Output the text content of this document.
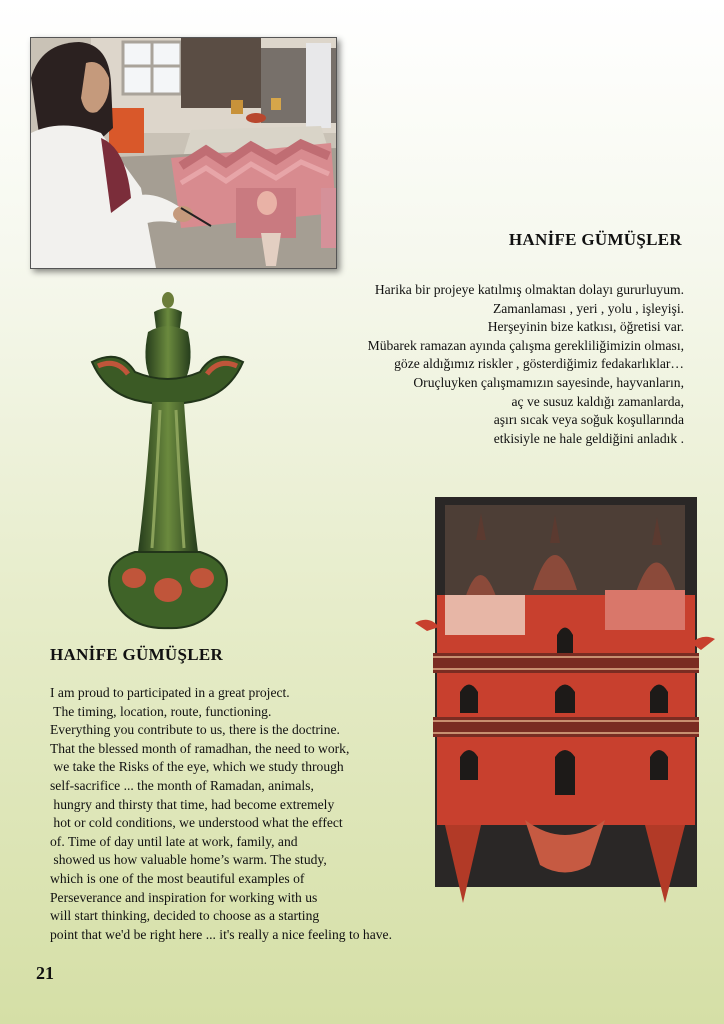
HANİFE GÜMÜŞLER
Harika bir projeye katılmış olmaktan dolayı gururluyum.
Zamanlaması , yeri , yolu , işleyişi.
Herşeyinin bize katkısı, öğretisi var.
Mübarek ramazan ayında çalışma gerekliliğimizin olması,
göze aldığımız riskler , gösterdiğimiz fedakarlıklar…
Oruçluyken çalışmamızın sayesinde, hayvanların,
aç ve susuz kaldığı zamanlarda,
aşırı sıcak veya soğuk koşullarında
etkisiyle ne hale geldiğini anladık .
HANİFE GÜMÜŞLER
I am proud to participated in a great project.
The timing, location, route, functioning.
Everything you contribute to us, there is the doctrine.
That the blessed month of ramadhan, the need to work,
we take the Risks of the eye, which we study through
self-sacrifice ... the month of Ramadan, animals,
hungry and thirsty that time, had become extremely
hot or cold conditions, we understood what the effect
of. Time of day until late at work, family, and
showed us how valuable home’s warm. The study,
which is one of the most beautiful examples of
Perseverance and inspiration for working with us
will start thinking, decided to choose as a starting
point that we'd be right here ... it's really a nice feeling to have.
21
